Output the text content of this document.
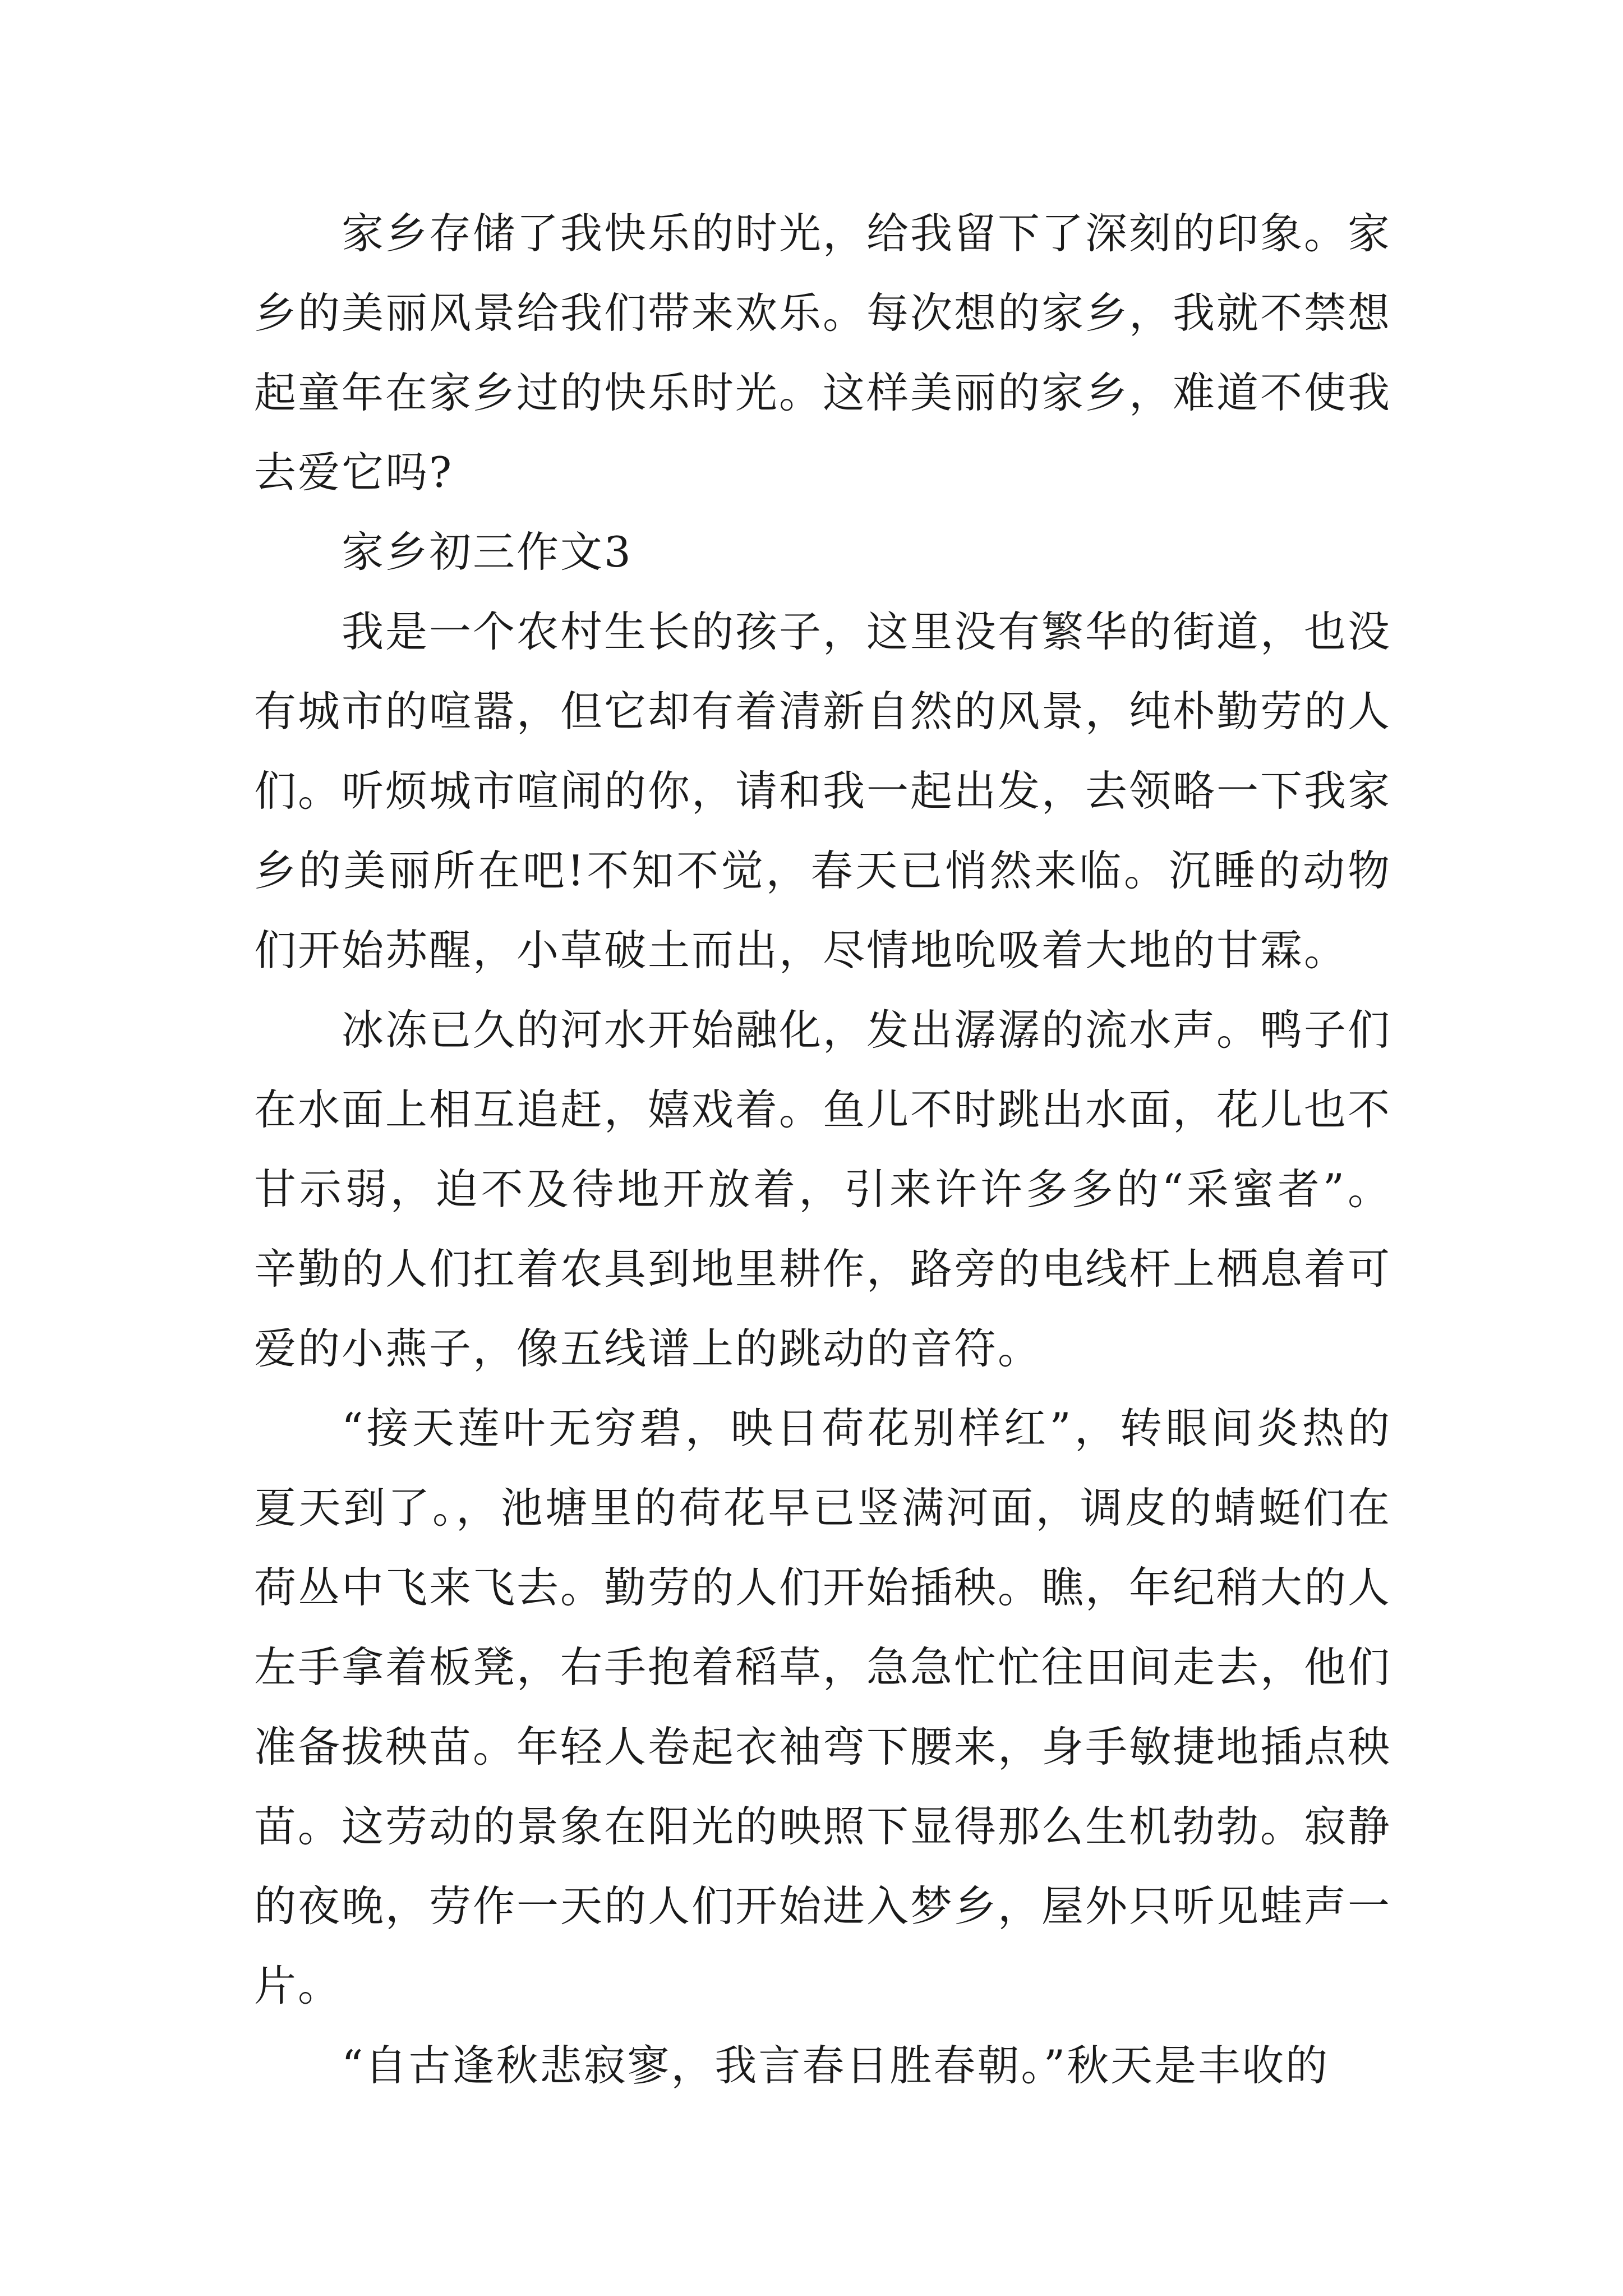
家乡存储了我快乐的时光，给我留下了深刻的印象。家乡的美丽风景给我们带来欢乐。每次想的家乡，我就不禁想起童年在家乡过的快乐时光。这样美丽的家乡，难道不使我去爱它吗?

家乡初三作文3

我是一个农村生长的孩子，这里没有繁华的街道，也没有城市的喧嚣，但它却有着清新自然的风景，纯朴勤劳的人们。听烦城市喧闹的你，请和我一起出发，去领略一下我家乡的美丽所在吧!不知不觉，春天已悄然来临。沉睡的动物们开始苏醒，小草破土而出，尽情地吮吸着大地的甘霖。

冰冻已久的河水开始融化，发出潺潺的流水声。鸭子们在水面上相互追赶，嬉戏着。鱼儿不时跳出水面，花儿也不甘示弱，迫不及待地开放着，引来许许多多的“采蜜者”。辛勤的人们扛着农具到地里耕作，路旁的电线杆上栖息着可爱的小燕子，像五线谱上的跳动的音符。

“接天莲叶无穷碧，映日荷花别样红”，转眼间炎热的夏天到了。，池塘里的荷花早已竖满河面，调皮的蜻蜓们在荷丛中飞来飞去。勤劳的人们开始插秧。瞧，年纪稍大的人左手拿着板凳，右手抱着稻草，急急忙忙往田间走去，他们准备拔秧苗。年轻人卷起衣袖弯下腰来，身手敏捷地插点秧苗。这劳动的景象在阳光的映照下显得那么生机勃勃。寂静的夜晚，劳作一天的人们开始进入梦乡，屋外只听见蛙声一片。

“自古逢秋悲寂寥，我言春日胜春朝。”秋天是丰收的
